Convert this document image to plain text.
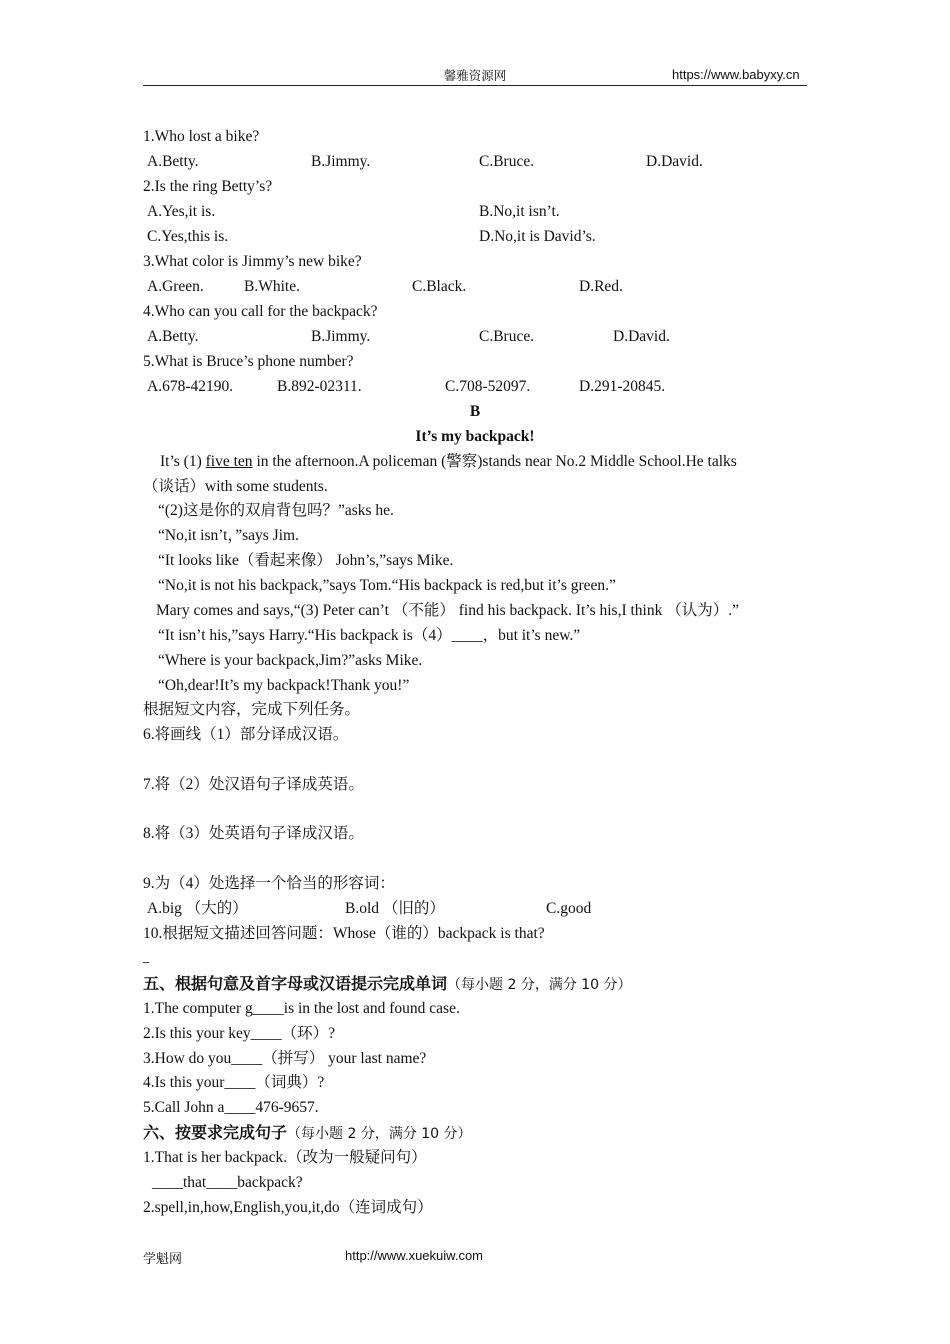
馨雅资源网	https://www.babyxy.cn
1.Who lost a bike?
A.Betty.	B.Jimmy.	C.Bruce.	D.David.
2.Is the ring Betty’s?
A.Yes,it is.	B.No,it isn’t.
C.Yes,this is.	D.No,it is David’s.
3.What color is Jimmy’s new bike?
A.Green.	B.White.	C.Black.	D.Red.
4.Who can you call for the backpack?
A.Betty.	B.Jimmy.	C.Bruce.	D.David.
5.What is Bruce’s phone number?
A.678-42190.	B.892-02311.	C.708-52097.	D.291-20845.
B
It’s my backpack!
It’s (1) five ten in the afternoon.A policeman (警察)stands near No.2 Middle School.He talks
（谈话）with some students.
“(2)这是你的双肩背包吗？”asks he.
“No,it isn’t，”says Jim.
“It looks like（看起来像） John’s,”says Mike.
“No,it is not his backpack,”says Tom.“His backpack is red,but it’s green.”
Mary comes and says,“(3) Peter can’t （不能） find his backpack. It’s his,I think （认为）.”
“It isn’t his,”says Harry.“His backpack is（4）____，but it’s new.”
“Where is your backpack,Jim?”asks Mike.
“Oh,dear!It’s my backpack!Thank you!”
根据短文内容，完成下列任务。
6.将画线（1）部分译成汉语。
7.将（2）处汉语句子译成英语。
8.将（3）处英语句子译成汉语。
9.为（4）处选择一个恰当的形容词：
A.big （大的）	B.old （旧的）	C.good
10.根据短文描述回答问题：Whose（谁的）backpack is that?
五、根据句意及首字母或汉语提示完成单词（每小题 2 分，满分 10 分）
1.The computer g____is in the lost and found case.
2.Is this your key____（环）?
3.How do you____（拼写） your last name?
4.Is this your____（词典）?
5.Call John a____476-9657.
六、按要求完成句子（每小题 2 分，满分 10 分）
1.That is her backpack.（改为一般疑问句）
____that____backpack?
2.spell,in,how,English,you,it,do（连词成句）
学魁网	http://www.xuekuiw.com
